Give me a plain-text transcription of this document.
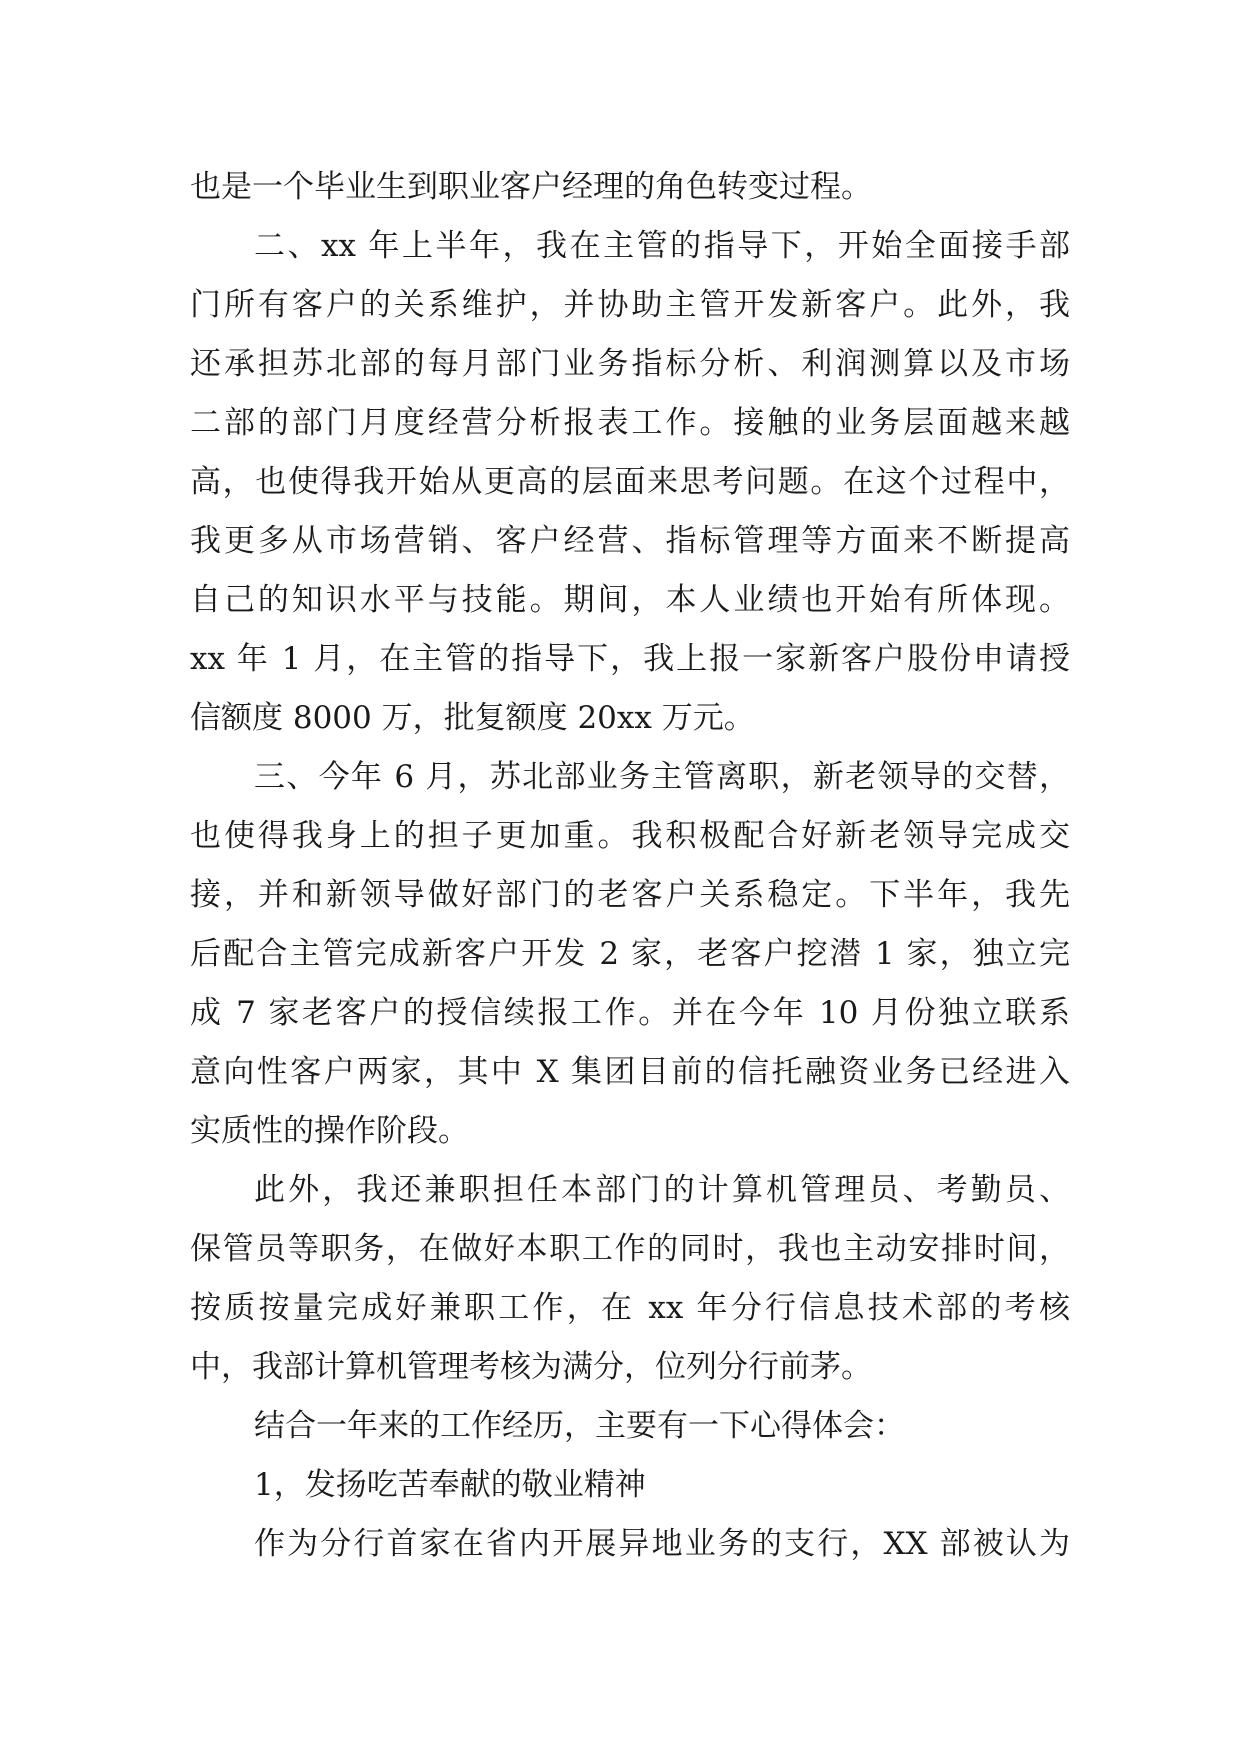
也是一个毕业生到职业客户经理的角色转变过程。
二、xx 年上半年，我在主管的指导下，开始全面接手部
门所有客户的关系维护，并协助主管开发新客户。此外，我
还承担苏北部的每月部门业务指标分析、利润测算以及市场
二部的部门月度经营分析报表工作。接触的业务层面越来越
高，也使得我开始从更高的层面来思考问题。在这个过程中，
我更多从市场营销、客户经营、指标管理等方面来不断提高
自己的知识水平与技能。期间，本人业绩也开始有所体现。
xx 年 1 月，在主管的指导下，我上报一家新客户股份申请授
信额度 8000 万，批复额度 20xx 万元。
三、今年 6 月，苏北部业务主管离职，新老领导的交替，
也使得我身上的担子更加重。我积极配合好新老领导完成交
接，并和新领导做好部门的老客户关系稳定。下半年，我先
后配合主管完成新客户开发 2 家，老客户挖潜 1 家，独立完
成 7 家老客户的授信续报工作。并在今年 10 月份独立联系
意向性客户两家，其中 X 集团目前的信托融资业务已经进入
实质性的操作阶段。
此外，我还兼职担任本部门的计算机管理员、考勤员、
保管员等职务，在做好本职工作的同时，我也主动安排时间，
按质按量完成好兼职工作，在 xx 年分行信息技术部的考核
中，我部计算机管理考核为满分，位列分行前茅。
结合一年来的工作经历，主要有一下心得体会：
1，发扬吃苦奉献的敬业精神
作为分行首家在省内开展异地业务的支行，XX 部被认为
